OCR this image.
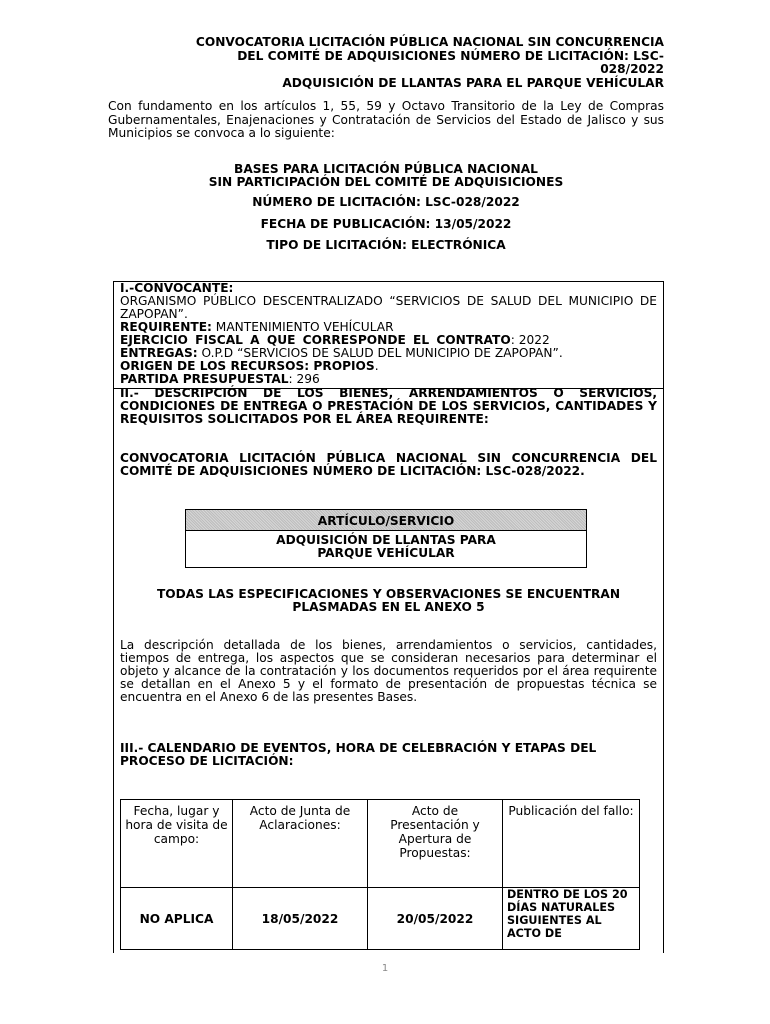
CONVOCATORIA LICITACIÓN PÚBLICA NACIONAL SIN CONCURRENCIA
DEL COMITÉ DE ADQUISICIONES NÚMERO DE LICITACIÓN: LSC-
028/2022
ADQUISICIÓN DE LLANTAS PARA EL PARQUE VEHÍCULAR
Con fundamento en los artículos 1, 55, 59 y Octavo Transitorio de la Ley de Compras Gubernamentales, Enajenaciones y Contratación de Servicios del Estado de Jalisco y sus Municipios se convoca a lo siguiente:
BASES PARA LICITACIÓN PÚBLICA NACIONAL
SIN PARTICIPACIÓN DEL COMITÉ DE ADQUISICIONES
NÚMERO DE LICITACIÓN: LSC-028/2022
FECHA DE PUBLICACIÓN: 13/05/2022
TIPO DE LICITACIÓN: ELECTRÓNICA
I.-CONVOCANTE:
ORGANISMO PÚBLICO DESCENTRALIZADO “SERVICIOS DE SALUD DEL MUNICIPIO DE ZAPOPAN”.
REQUIRENTE: MANTENIMIENTO VEHÍCULAR
EJERCICIO FISCAL A QUE CORRESPONDE EL CONTRATO: 2022
ENTREGAS: O.P.D “SERVICIOS DE SALUD DEL MUNICIPIO DE ZAPOPAN”.
ORIGEN DE LOS RECURSOS: PROPIOS.
PARTIDA PRESUPUESTAL: 296
II.- DESCRIPCIÓN DE LOS BIENES, ARRENDAMIENTOS O SERVICIOS, CONDICIONES DE ENTREGA O PRESTACIÓN DE LOS SERVICIOS, CANTIDADES Y REQUISITOS SOLICITADOS POR EL ÁREA REQUIRENTE:
CONVOCATORIA LICITACIÓN PÚBLICA NACIONAL SIN CONCURRENCIA DEL COMITÉ DE ADQUISICIONES NÚMERO DE LICITACIÓN: LSC-028/2022.
ARTÍCULO/SERVICIO
ADQUISICIÓN DE LLANTAS PARA
PARQUE VEHÍCULAR
TODAS LAS ESPECIFICACIONES Y OBSERVACIONES SE ENCUENTRAN
PLASMADAS EN EL ANEXO 5
La descripción detallada de los bienes, arrendamientos o servicios, cantidades, tiempos de entrega, los aspectos que se consideran necesarios para determinar el objeto y alcance de la contratación y los documentos requeridos por el área requirente se detallan en el Anexo 5 y el formato de presentación de propuestas técnica se encuentra en el Anexo 6 de las presentes Bases.
III.- CALENDARIO DE EVENTOS, HORA DE CELEBRACIÓN Y ETAPAS DEL PROCESO DE LICITACIÓN:
Fecha, lugar y hora de visita de campo:	Acto de Junta de Aclaraciones:	Acto de Presentación y Apertura de Propuestas:	Publicación del fallo:
NO APLICA	18/05/2022	20/05/2022	DENTRO DE LOS 20 DÍAS NATURALES SIGUIENTES AL ACTO DE
1
